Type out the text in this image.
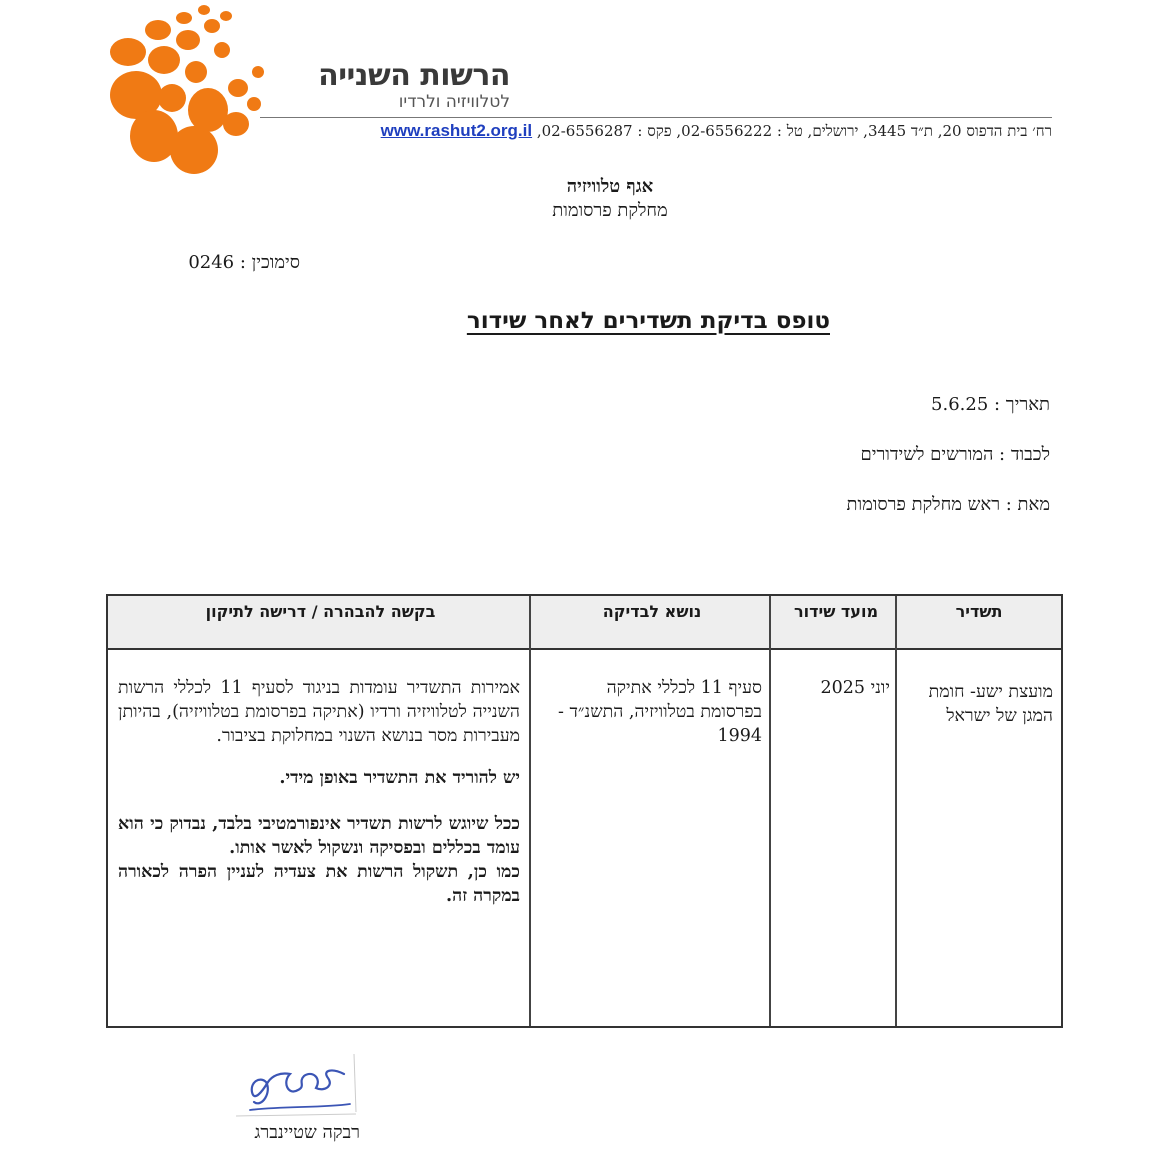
הרשות השנייה
לטלוויזיה ולרדיו
רח׳ בית הדפוס 20, ת״ד 3445, ירושלים, טל : 02-6556222, פקס : 02-6556287, www.rashut2.org.il
אגף טלוויזיה
מחלקת פרסומות
סימוכין : 0246
טופס בדיקת תשדירים לאחר שידור
תאריך : 5.6.25
לכבוד : המורשים לשידורים
מאת : ראש מחלקת פרסומות
תשדיר
מועד שידור
נושא לבדיקה
בקשה להבהרה / דרישה לתיקון
מועצת ישע- חומת המגן של ישראל
יוני 2025
סעיף 11 לכללי אתיקה בפרסומת בטלוויזיה, התשנ״ד - 1994

אמירות התשדיר עומדות בניגוד לסעיף 11 לכללי הרשות השנייה לטלוויזיה ורדיו (אתיקה בפרסומת בטלוויזיה), בהיותן מעבירות מסר בנושא השנוי במחלוקת בציבור.

יש להוריד את התשדיר באופן מידי.

ככל שיוגש לרשות תשדיר אינפורמטיבי בלבד, נבדוק כי הוא עומד בכללים ובפסיקה ונשקול לאשר אותו.

כמו כן, תשקול הרשות את צעדיה לעניין הפרה לכאורה במקרה זה.

רבקה שטיינברג
